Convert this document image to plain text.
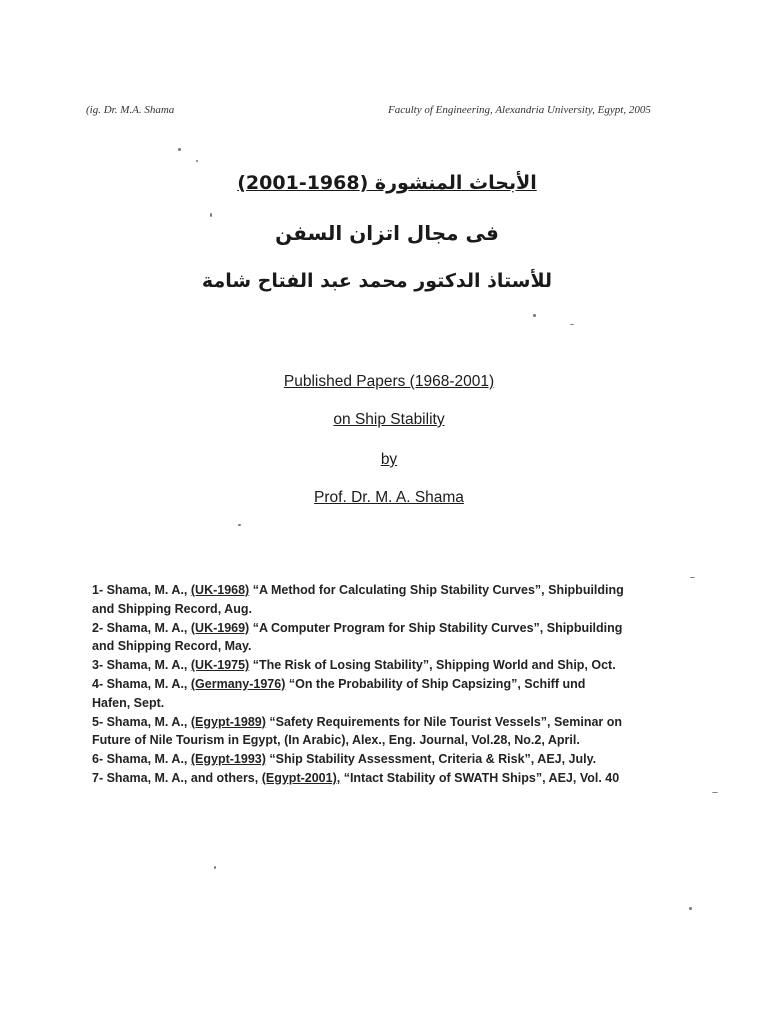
(ig. Dr. M.A. Shama	Faculty of Engineering, Alexandria University, Egypt, 2005
الأبحاث المنشورة (1968-2001)
فى مجال اتزان السفن
للأستاذ الدكتور محمد عبد الفتاح شامة
Published Papers (1968-2001)
on Ship Stability
by
Prof. Dr. M. A. Shama
1- Shama, M. A., (UK-1968) “A Method for Calculating Ship Stability Curves”, Shipbuilding
and Shipping Record, Aug.
2- Shama, M. A., (UK-1969) “A Computer Program for Ship Stability Curves”, Shipbuilding
and Shipping Record, May.
3- Shama, M. A., (UK-1975) “The Risk of Losing Stability”, Shipping World and Ship, Oct.
4- Shama, M. A., (Germany-1976) “On the Probability of Ship Capsizing”, Schiff und
Hafen, Sept.
5- Shama, M. A., (Egypt-1989) “Safety Requirements for Nile Tourist Vessels”, Seminar on
Future of Nile Tourism in Egypt, (In Arabic), Alex., Eng. Journal, Vol.28, No.2, April.
6- Shama, M. A., (Egypt-1993) “Ship Stability Assessment, Criteria & Risk”, AEJ, July.
7- Shama, M. A., and others, (Egypt-2001), “Intact Stability of SWATH Ships”, AEJ, Vol. 40
